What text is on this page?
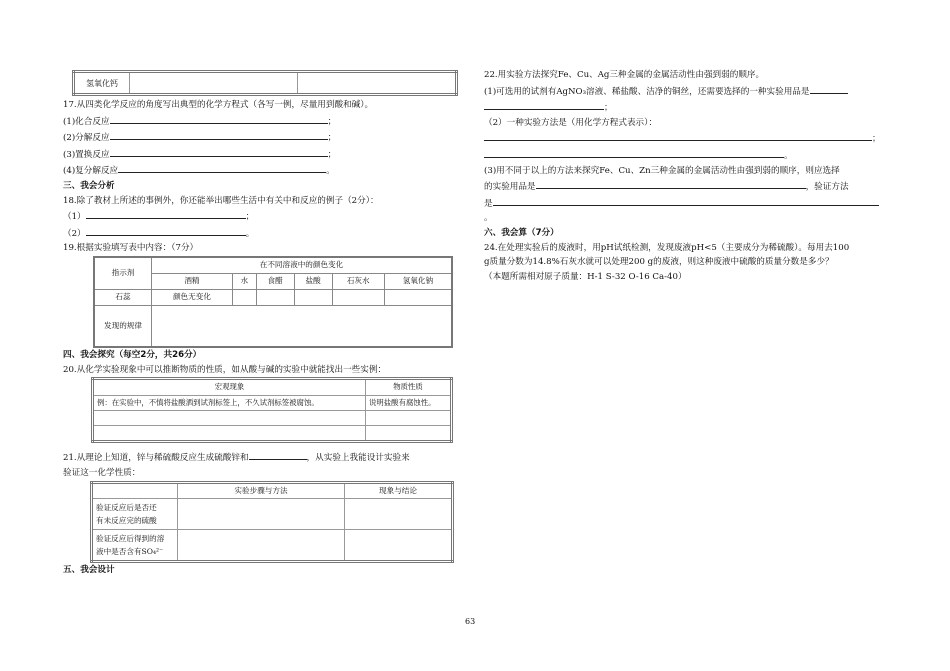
氢氧化钙		
17.从四类化学反应的角度写出典型的化学方程式（各写一例，尽量用到酸和碱）。
(1)化合反应	；
(2)分解反应	；
(3)置换反应	；
(4)复分解反应	。
三、我会分析
18.除了教材上所述的事例外，你还能举出哪些生活中有关中和反应的例子（2分）：
（1）	；
（2）	。
19.根据实验填写表中内容：（7分）
指示剂	在不同溶液中的颜色变化					
	酒精	水	食醋	盐酸	石灰水	氢氧化钠
石蕊	颜色无变化					
发现的规律						
四、我会探究（每空2分，共26分）
20.从化学实验现象中可以推断物质的性质，如从酸与碱的实验中就能找出一些实例：
宏观现象	物质性质
例：在实验中，不慎将盐酸洒到试剂标签上，不久试剂标签被腐蚀。	说明盐酸有腐蚀性。

21.从理论上知道，锌与稀硫酸反应生成硫酸锌和	，从实验上我能设计实验来
验证这一化学性质：
	实验步骤与方法	现象与结论

验证反应后是否还
有未反应完的硫酸		

验证反应后得到的溶
液中是否含有SO₄²⁻		

五、我会设计
22.用实验方法探究Fe、Cu、Ag三种金属的金属活动性由强到弱的顺序。
(1)可选用的试剂有AgNO₃溶液、稀盐酸、洁净的铜丝，还需要选择的一种实验用品是
；
（2）一种实验方法是（用化学方程式表示）：
；
。
(3)用不同于以上的方法来探究Fe、Cu、Zn三种金属的金属活动性由强到弱的顺序，则应选择
的实验用品是	，验证方法
是
。
六、我会算（7分）
24.在处理实验后的废液时，用pH试纸检测，发现废液pH<5（主要成分为稀硫酸）。每用去100
g质量分数为14.8%石灰水就可以处理200 g的废液，则这种废液中硫酸的质量分数是多少？
（本题所需相对原子质量：H-1 S-32 O-16 Ca-40）
63
